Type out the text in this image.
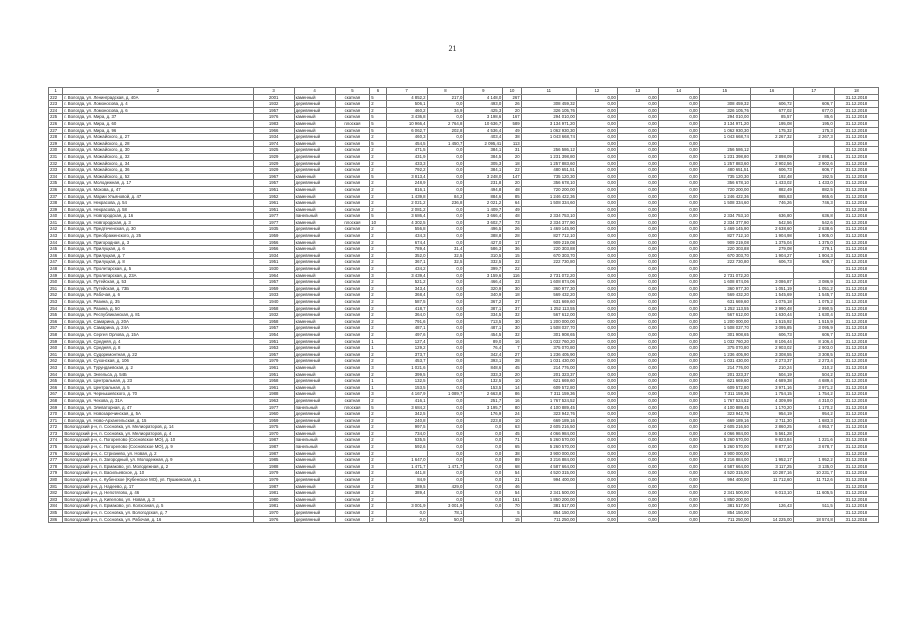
21
1	2	3	4	5	6	7	8	9	10	11	12	13	14	15	16	17	18
222	г. Вологда, ул. Ленинградская, д. 40А	2001	каменный	скатная	5	4 852,2	217,0	4 148,0	267		0,00	0,00	0,00				31.12.2018
223	г. Вологда, ул. Ломоносова, д. 4	1932	деревянный	скатная	2	506,1	0,0	493,0	26	308 459,32	0,00	0,00	0,00	308 459,32	606,72	606,7	31.12.2018
224	г. Вологда, ул. Ломоносова, д. 6	1957	деревянный	скатная	2	460,2	34,9	425,3	20	326 105,76	0,00	0,00	0,00	326 105,76	677,02	677,0	31.12.2018
225	г. Вологда, ул. Мира, д. 37	1976	каменный	скатная	5	3 436,8	0,0	3 198,6	167	294 010,00	0,00	0,00	0,00	294 010,00	85,57	85,6	31.12.2018
226	г. Вологда, ул. Мира, д. 60	1983	каменный	плоская	5	10 966,4	2 764,8	10 636,7	589	3 134 971,20	0,00	0,00	0,00	3 134 971,20	195,08	195,0	31.12.2018
227	г. Вологда, ул. Мира, д. 96	1966	каменный	скатная	5	6 062,7	202,8	4 536,4	49	1 062 930,30	0,00	0,00	0,00	1 062 930,30	175,32	175,3	31.12.2018
228	г. Вологда, ул. Можайского, д. 27	1934	деревянный	скатная	2	460,3	0,0	403,4	38	1 043 668,74	0,00	0,00	0,00	1 043 668,74	2 267,32	2 267,3	31.12.2018
229	г. Вологда, ул. Можайского, д. 28	1974	каменный	скатная	5	454,5	1 450,7	2 095,41	113		0,00	0,00	0,00				31.12.2018
230	г. Вологда, ул. Можайского, д. 30	1925	деревянный	скатная	2	471,5	0,0	384,1	31	256 586,12	0,00	0,00	0,00	256 586,12			31.12.2018
231	г. Вологда, ул. Можайского, д. 32	1929	деревянный	скатная	2	431,9	0,0	384,5	20	1 231 398,80	0,00	0,00	0,00	1 231 398,80	2 898,09	2 898,1	31.12.2018
232	г. Вологда, ул. Можайского, д. 34	1929	деревянный	скатная	2	433,3	0,0	305,3	18	1 257 883,60	0,00	0,00	0,00	1 257 883,60	2 902,56	2 902,6	31.12.2018
233	г. Вологда, ул. Можайского, д. 36	1929	деревянный	скатная	2	792,2	0,0	384,1	22	480 651,51	0,00	0,00	0,00	480 651,51	606,73	606,7	31.12.2018
234	г. Вологда, ул. Можайского, д. 52	1967	каменный	скатная	5	3 813,4	0,0	3 248,0	147	735 120,30	0,00	0,00	0,00	735 120,30	192,48	192,5	31.12.2018
235	г. Вологда, ул. Молодежная, д. 17	1957	деревянный	скатная	2	248,9	0,0	231,8	20	356 678,10	0,00	0,00	0,00	356 678,10	1 433,02	1 433,0	31.12.2018
236	г. Вологда, ул. Мохова, д. 47	1951	каменный	скатная	2	816,1	0,0	494,8	48	720 200,00	0,00	0,00	0,00	720 200,00	882,49	882,5	31.12.2018
237	г. Вологда, ул. Марии Ульяновой, д. 47	1952	каменный	скатная	2	1 439,8	84,2	884,6	85	1 246 422,36	0,00	0,00	0,00	1 246 422,36	865,63	865,6	31.12.2018
238	г. Вологда, ул. Некрасова, д. 54	1961	каменный	скатная	2	2 021,2	236,8	2 021,2	64	1 508 334,60	0,00	0,00	0,00	1 508 334,60	746,26	746,3	31.12.2018
239	г. Вологда, ул. Некрасова, д. 58	1951	каменный	скатная	2	2 081,2	0,0	1 409,7	49		0,00	0,00	0,00				31.12.2018
240	г. Вологда, ул. Новгородская, д. 16	1977	панельный	скатная	5	3 686,4	0,0	3 666,4	48	2 334 753,10	0,00	0,00	0,00	2 334 753,10	636,80	636,8	31.12.2018
241	г. Вологда, ул. Новгородская, д. 3	1977	каменный	плоская	10	4 302,5	0,0	3 602,7	73	2 334 377,90	0,00	0,00	0,00	2 334 377,90	542,56	542,6	31.12.2018
242	г. Вологда, ул. Предтеченская, д. 30	1935	деревянный	скатная	2	556,8	0,0	496,5	26	1 469 145,90	0,00	0,00	0,00	1 469 145,90	2 638,60	2 638,6	31.12.2018
243	г. Вологда, ул. Преображенского, д. 25	1959	деревянный	скатная	2	434,3	0,0	388,8	28	827 712,10	0,00	0,00	0,00	827 712,10	1 904,98	1 905,0	31.12.2018
244	г. Вологда, ул. Пригородная, д. 3	1956	каменный	скатная	2	674,4	0,0	427,0	17	909 219,08	0,00	0,00	0,00	909 219,08	1 375,04	1 375,0	31.12.2018
245	г. Вологда, ул. Прилуцкая, д. 6	1956	каменный	скатная	2	789,4	31,4	586,3	36	220 303,88	0,00	0,00	0,00	220 303,88	279,08	279,1	31.12.2018
246	г. Вологда, ул. Прилуцкая, д. 7	1934	деревянный	скатная	2	352,0	32,5	310,5	15	670 303,70	0,00	0,00	0,00	670 303,70	1 904,27	1 904,3	31.12.2018
247	г. Вологда, ул. Прилуцкая, д. 8	1951	деревянный	скатная	2	367,1	32,5	332,5	22	222 730,80	0,00	0,00	0,00	222 730,80	606,73	606,7	31.12.2018
248	г. Вологда, ул. Пролетарская, д. 5	1930	деревянный	скатная	2	434,2	0,0	399,7	22		0,00	0,00	0,00				31.12.2018
249	г. Вологда, ул. Пролетарская, д. 23А	1964	каменный	скатная	3	3 439,4	0,0	3 159,6	116	2 731 072,20	0,00	0,00	0,00	2 731 072,20			31.12.2018
250	г. Вологда, ул. Путейская, д. 53	1957	деревянный	скатная	2	521,2	0,0	466,4	23	1 608 874,06	0,00	0,00	0,00	1 608 874,06	3 086,87	3 086,9	31.12.2018
251	г. Вологда, ул. Путейская, д. 73Б	1959	деревянный	скатная	2	343,4	0,0	320,9	30	360 977,30	0,00	0,00	0,00	360 977,30	1 051,19	1 051,2	31.12.2018
252	г. Вологда, ул. Рабочая, д. 6	1933	деревянный	скатная	2	368,4	0,0	340,9	18	569 432,20	0,00	0,00	0,00	569 432,20	1 545,69	1 545,7	31.12.2018
253	г. Вологда, ул. Разина, д. 35	1940	деревянный	скатная	2	587,5	0,0	367,2	27	631 669,60	0,00	0,00	0,00	631 669,60	1 075,18	1 075,2	31.12.2018
254	г. Вологда, ул. Разина, д. 50	1958	деревянный	скатная	2	418,7	0,0	387,1	37	1 252 113,55	0,00	0,00	0,00	1 252 113,55	2 990,48	2 990,5	31.12.2018
255	г. Вологда, ул. Республиканская, д. 81	1932	деревянный	скатная	2	364,0	0,0	334,5	32	567 612,00	0,00	0,00	0,00	567 612,00	1 630,44	1 630,4	31.12.2018
256	г. Вологда, ул. Самарина, д. 20А	1958	каменный	скатная	2	791,6	0,0	713,5	30	1 200 000,00	0,00	0,00	0,00	1 200 000,00	1 515,92	1 515,9	31.12.2018
257	г. Вологда, ул. Самарина, д. 24А	1957	деревянный	скатная	2	487,1	0,0	487,1	30	1 508 037,70	0,00	0,00	0,00	1 508 037,70	3 095,85	3 095,9	31.12.2018
258	г. Вологда, ул. Сергея Орлова, д. 15А	1954	деревянный	скатная	2	497,6	0,0	454,5	32	301 908,65	0,00	0,00	0,00	301 908,65	606,73	606,7	31.12.2018
259	г. Вологда, ул. Средняя, д. 4	1951	деревянный	скатная	1	127,4	0,0	89,0	16	1 032 760,20	0,00	0,00	0,00	1 032 760,20	8 106,44	8 106,4	31.12.2018
260	г. Вологда, ул. Средняя, д. 8	1953	деревянный	скатная	1	129,2	0,0	76,4	7	375 070,80	0,00	0,00	0,00	375 070,80	2 903,02	2 903,0	31.12.2018
261	г. Вологда, ул. Судоремонтная, д. 22	1957	деревянный	скатная	2	373,7	0,0	342,4	27	1 236 405,90	0,00	0,00	0,00	1 236 405,90	3 308,55	3 308,5	31.12.2018
262	г. Вологда, ул. Сухонская, д. 106	1979	деревянный	скатная	2	453,7	0,0	393,1	28	1 031 430,00	0,00	0,00	0,00	1 031 430,00	2 273,37	2 273,4	31.12.2018
263	г. Вологда, ул. Турундаевская, д. 2	1961	каменный	скатная	3	1 021,6	0,0	848,6	45	214 776,00	0,00	0,00	0,00	214 776,00	210,24	210,2	31.12.2018
264	г. Вологда, ул. Энгельса, д. 54Б	1951	каменный	скатная	2	399,5	0,0	333,3	20	201 323,37	0,00	0,00	0,00	201 323,37	504,19	504,2	31.12.2018
265	г. Вологда, ул. Центральная, д. 23	1958	деревянный	скатная	1	132,5	0,0	132,5	10	621 669,60	0,00	0,00	0,00	621 669,60	4 689,38	4 689,4	31.12.2018
266	г. Вологда, ул. Центральная, д. 5	1961	каменный	скатная	1	153,5	0,0	153,5	14	609 572,80	0,00	0,00	0,00	609 572,80	3 971,16	3 971,2	31.12.2018
267	г. Вологда, ул. Чернышевского, д. 70	1988	каменный	скатная	3	4 167,9	1 089,7	2 663,8	86	7 311 159,36	0,00	0,00	0,00	7 311 159,36	1 754,15	1 754,2	31.12.2018
268	г. Вологда, ул. Чехова, д. 31А	1963	деревянный	скатная	2	416,1	0,0	251,7	16	1 767 524,52	0,00	0,00	0,00	1 767 524,52	4 309,99	4 310,0	31.12.2018
269	г. Вологда, ул. Элеваторная, д. 47	1977	панельный	плоская	5	3 684,2	0,0	3 195,7	80	4 100 889,45	0,00	0,00	0,00	4 100 889,45	1 170,20	1 170,2	31.12.2018
270	г. Вологда, ул. Новозаречинская, д. 5А	1960	деревянный	скатная	2	342,5	0,0	176,9	24	323 942,76	0,00	0,00	0,00	323 942,76	954,19	954,2	31.12.2018
271	г. Вологда, ул. Ново-Архангельская, д. 15	1959	деревянный	скатная	2	240,8	0,0	223,8	10	669 189,16	0,00	0,00	0,00	669 189,16	2 711,30	1 683,3	31.12.2018
272	Вологодский р-н, п. Сосновка, ул. Мелиораторов, д. 14	1975	каменный	скатная	2	997,5	0,0	0,0	63	2 605 216,50	0,00	0,00	0,00	2 605 216,50	2 860,25	4 953,7	31.12.2018
273	Вологодский р-н, п. Сосновка, ул. Мелиораторов, д. 4	1970	каменный	скатная	2	734,0	0,0	0,0	45	4 066 984,00	0,00	0,00	0,00	4 066 984,00	5 561,28		31.12.2018
274	Вологодский р-н, с. Погорелово (Сосновское МО), д. 10	1987	панельный	скатная	2	535,5	0,0	0,0	71	5 260 570,00	0,00	0,00	0,00	5 260 570,00	9 823,84	1 221,6	31.12.2018
275	Вологодский р-н, с. Погорелово (Сосновское МО), д. 9	1987	панельный	скатная	2	592,6	0,0	0,0	65	5 260 570,00	0,00	0,00	0,00	5 260 570,00	8 877,10	3 678,7	31.12.2018
276	Вологодский р-н, с. Стризнево, ул. Новая, д. 2	1987	каменный	скатная	2		0,0	0,0	38	3 900 000,00	0,00	0,00	0,00	3 900 000,00			31.12.2018
277	Вологодский р-н, п. Загородный, ул. Молодежная, д. 9	1985	каменный	скатная	2	1 647,0	0,0	0,0	89	3 216 884,00	0,00	0,00	0,00	3 216 884,00	1 952,17	1 952,2	31.12.2018
278	Вологодский р-н, п. Ермаково, ул. Молодежная, д. 2	1988	каменный	скатная	3	1 471,7	1 471,7	0,0	68	4 587 664,00	0,00	0,00	0,00	4 587 664,00	3 117,25	3 135,0	31.12.2018
279	Вологодский р-н, п. Васильевское, д. 10	1979	каменный	скатная	2	441,8	0,0	0,0	54	4 520 315,00	0,00	0,00	0,00	4 520 315,00	10 287,16	10 231,7	31.12.2018
280	Вологодский р-н, с. Кубенское (Кубенское МО), ул. Пушкинская, д. 1	1979	деревянный	скатная	2	84,9	0,0	0,0	21	994 400,00	0,00	0,00	0,00	994 400,00	11 712,60	11 712,6	31.12.2018
281	Вологодский р-н, д. Надеево, д. 17	1987	каменный	скатная	2	389,5	429,0	0,0	46		0,00	0,00	0,00				31.12.2018
282	Вологодский р-н, д. Непотягово, д. 46	1981	каменный	скатная	2	389,4	0,0	0,0	54	2 341 500,00	0,00	0,00	0,00	2 341 500,00	6 013,10	11 605,5	31.12.2018
283	Вологодский р-н, д. Кипелово, ул. Новая, д. 3	1980	каменный	скатная	2		0,0	0,0	161	1 850 200,00	0,00	0,00	0,00	1 850 200,00			31.12.2018
284	Вологодский р-н, п. Ермаково, ул. Колхозная, д. 5	1981	каменный	скатная	2	3 001,9	3 001,9	0,0	70	381 517,00	0,00	0,00	0,00	381 517,00	126,43	511,5	31.12.2018
285	Вологодский р-н, п. Сосновка, ул. Вологодская, д. 7	1970	деревянный	скатная	2	0,0	78,1		5	854 150,00	0,00	0,00	0,00	854 150,00			31.12.2018
286	Вологодский р-н, п. Сосновка, ул. Рабочая, д. 16	1976	деревянный	скатная	2	0,0	50,0		15	711 250,00	0,00	0,00	0,00	711 250,00	14 225,00	18 574,8	31.12.2018
